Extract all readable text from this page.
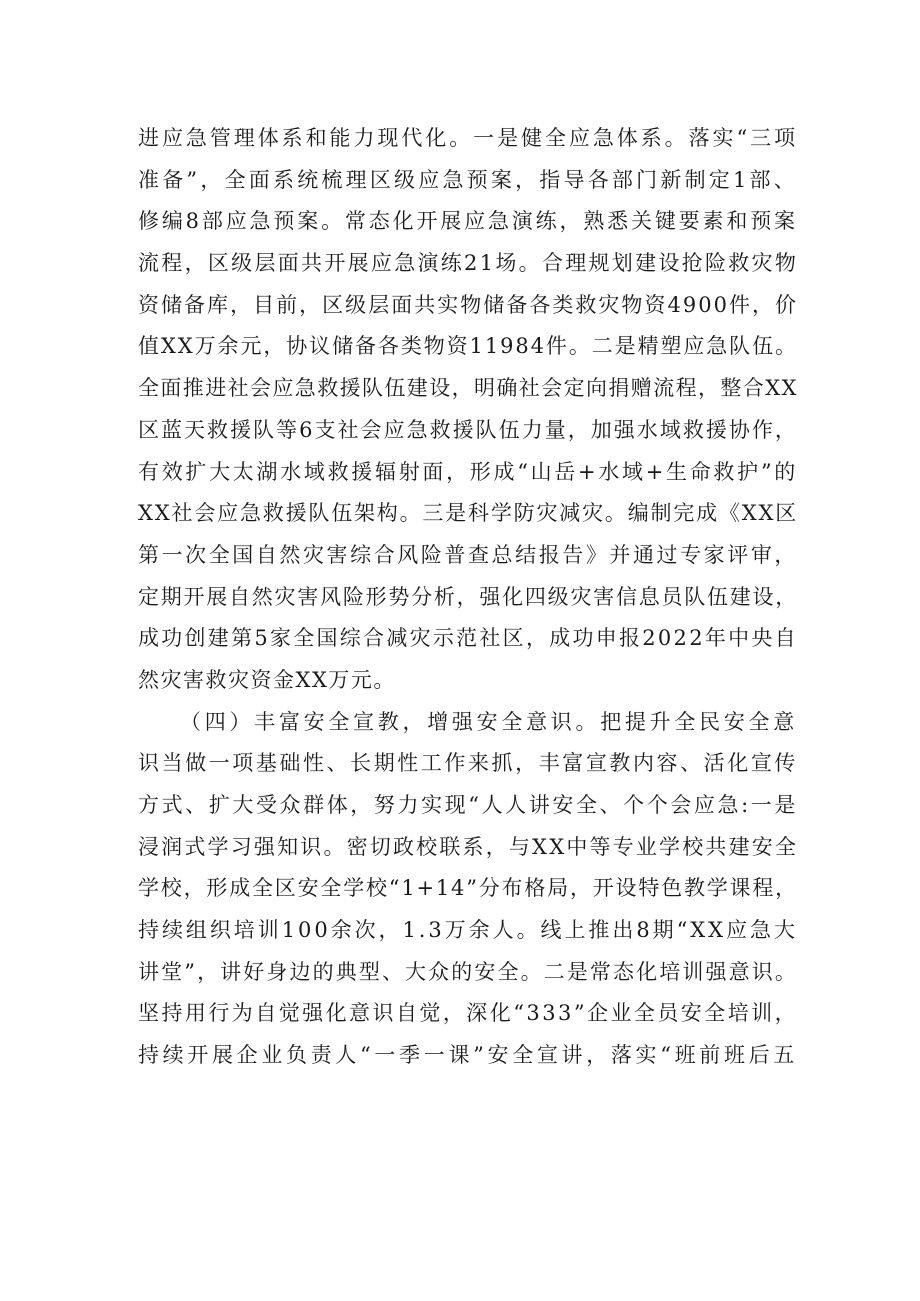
进应急管理体系和能力现代化。一是健全应急体系。落实“三项
准备”，全面系统梳理区级应急预案，指导各部门新制定1部、
修编8部应急预案。常态化开展应急演练，熟悉关键要素和预案
流程，区级层面共开展应急演练21场。合理规划建设抢险救灾物
资储备库，目前，区级层面共实物储备各类救灾物资4900件，价
值XX万余元，协议储备各类物资11984件。二是精塑应急队伍。
全面推进社会应急救援队伍建设，明确社会定向捐赠流程，整合XX
区蓝天救援队等6支社会应急救援队伍力量，加强水域救援协作，
有效扩大太湖水域救援辐射面，形成“山岳+水域+生命救护”的
XX社会应急救援队伍架构。三是科学防灾减灾。编制完成《XX区
第一次全国自然灾害综合风险普查总结报告》并通过专家评审，
定期开展自然灾害风险形势分析，强化四级灾害信息员队伍建设，
成功创建第5家全国综合减灾示范社区，成功申报2022年中央自
然灾害救灾资金XX万元。
（四）丰富安全宣教，增强安全意识。把提升全民安全意
识当做一项基础性、长期性工作来抓，丰富宣教内容、活化宣传
方式、扩大受众群体，努力实现“人人讲安全、个个会应急:一是
浸润式学习强知识。密切政校联系，与XX中等专业学校共建安全
学校，形成全区安全学校“1+14”分布格局，开设特色教学课程，
持续组织培训100余次，1.3万余人。线上推出8期“XX应急大
讲堂”，讲好身边的典型、大众的安全。二是常态化培训强意识。
坚持用行为自觉强化意识自觉，深化“333”企业全员安全培训，
持续开展企业负责人“一季一课”安全宣讲，落实“班前班后五
